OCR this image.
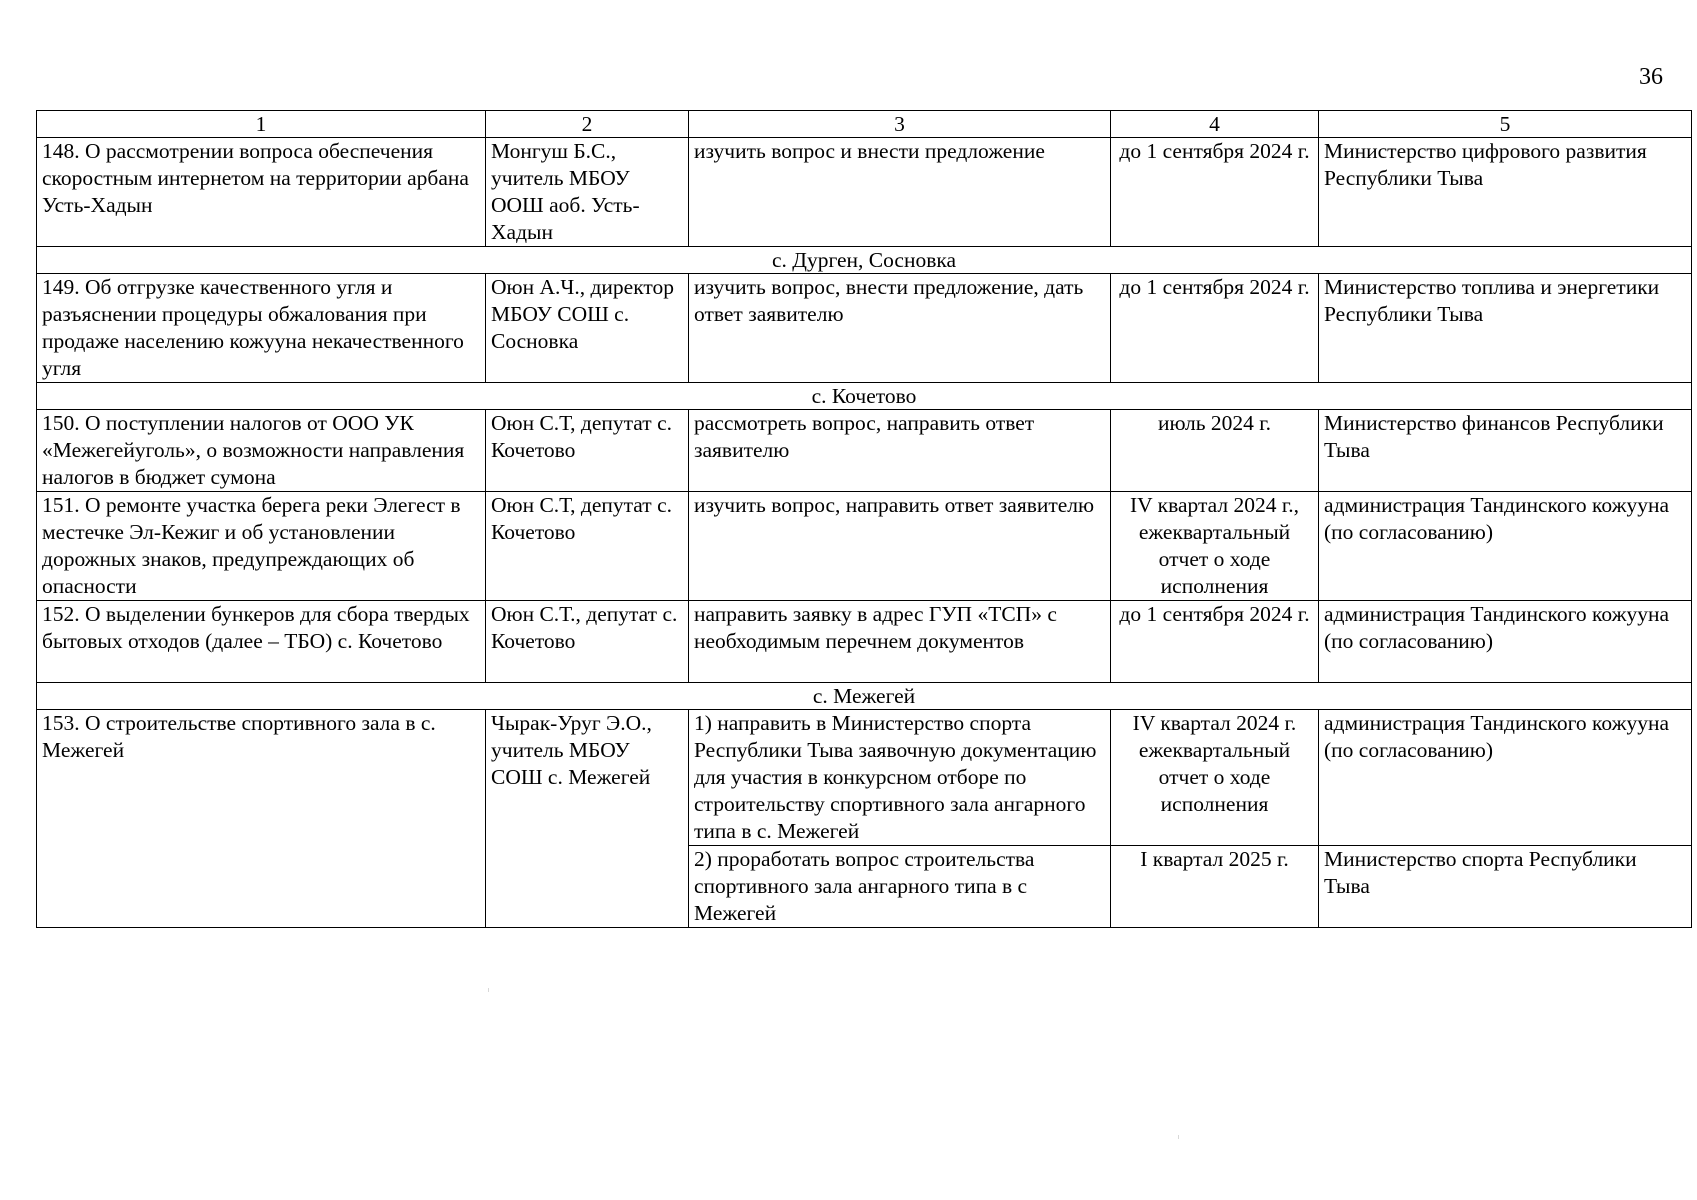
36
1	2	3	4	5
148. О рассмотрении вопроса обеспечения скоростным интернетом на территории арбана Усть-Хадын	Монгуш Б.С., учитель МБОУ ООШ аоб. Усть-Хадын	изучить вопрос и внести предложение	до 1 сентября 2024 г.	Министерство цифрового развития Республики Тыва
с. Дурген, Сосновка				
149. Об отгрузке качественного угля и разъяснении процедуры обжалования при продаже населению кожууна некачественного угля	Оюн А.Ч., директор МБОУ СОШ с. Сосновка	изучить вопрос, внести предложение, дать ответ заявителю	до 1 сентября 2024 г.	Министерство топлива и энергетики Республики Тыва
с. Кочетово				
150. О поступлении налогов от ООО УК «Межегейуголь», о возможности направления налогов в бюджет сумона	Оюн С.Т, депутат с. Кочетово	рассмотреть вопрос, направить ответ заявителю	июль 2024 г.	Министерство финансов Республики Тыва
151. О ремонте участка берега реки Элегест в местечке Эл-Кежиг и об установлении дорожных знаков, предупреждающих об опасности	Оюн С.Т, депутат с. Кочетово	изучить вопрос, направить ответ заявителю	IV квартал 2024 г., ежеквартальный отчет о ходе исполнения	администрация Тандинского кожууна (по согласованию)
152. О выделении бункеров для сбора твердых бытовых отходов (далее – ТБО) с. Кочетово	Оюн С.Т., депутат с. Кочетово	направить заявку в адрес ГУП «ТСП» с необходимым перечнем документов	до 1 сентября 2024 г.	администрация Тандинского кожууна (по согласованию)
с. Межегей				
153. О строительстве спортивного зала в с. Межегей	Чырак-Уруг Э.О., учитель МБОУ СОШ с. Межегей	1) направить в Министерство спорта Республики Тыва заявочную документацию для участия в конкурсном отборе по строительству спортивного зала ангарного типа в с. Межегей	IV квартал 2024 г. ежеквартальный отчет о ходе исполнения	администрация Тандинского кожууна (по согласованию)
		2) проработать вопрос строительства спортивного зала ангарного типа в с Межегей	I квартал 2025 г.	Министерство спорта Республики Тыва
